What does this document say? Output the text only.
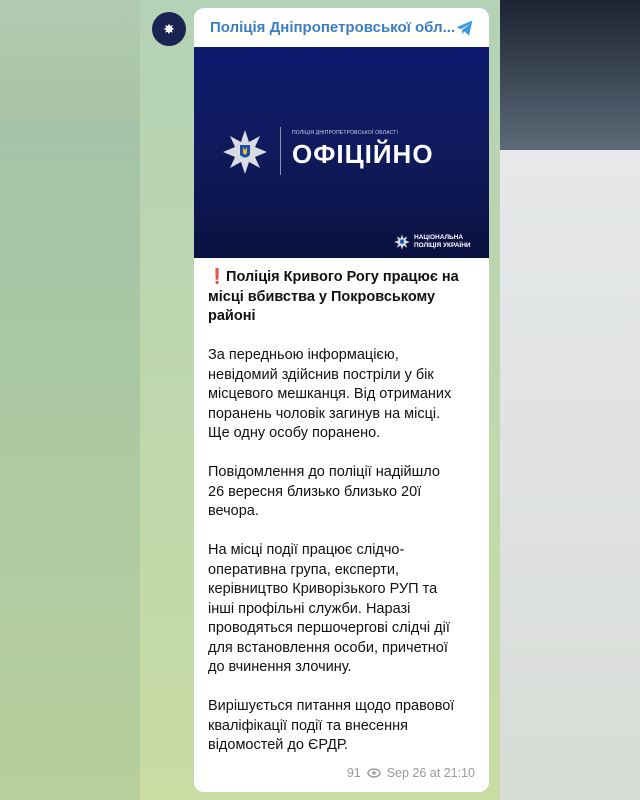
✸	Поліція Дніпропетровської обл...
ПОЛІЦІЯ ДНІПРОПЕТРОВСЬКОЇ ОБЛАСТІ
ОФІЦІЙНО
НАЦІОНАЛЬНА
ПОЛІЦІЯ УКРАЇНИ
❗️Поліція Кривого Рогу працює на
місці вбивства у Покровському
районі
За передньою інформацією,
невідомий здійснив постріли у бік
місцевого мешканця. Від отриманих
поранень чоловік загинув на місці.
Ще одну особу поранено.
Повідомлення до поліції надійшло
26 вересня близько близько 20ї
вечора.
На місці події працює слідчо-
оперативна група, експерти,
керівництво Криворізького РУП та
інші профільні служби. Наразі
проводяться першочергові слідчі дії
для встановлення особи, причетної
до вчинення злочину.
Вирішується питання щодо правової
кваліфікації події та внесення
відомостей до ЄРДР.
91 Sep 26 at 21:10
